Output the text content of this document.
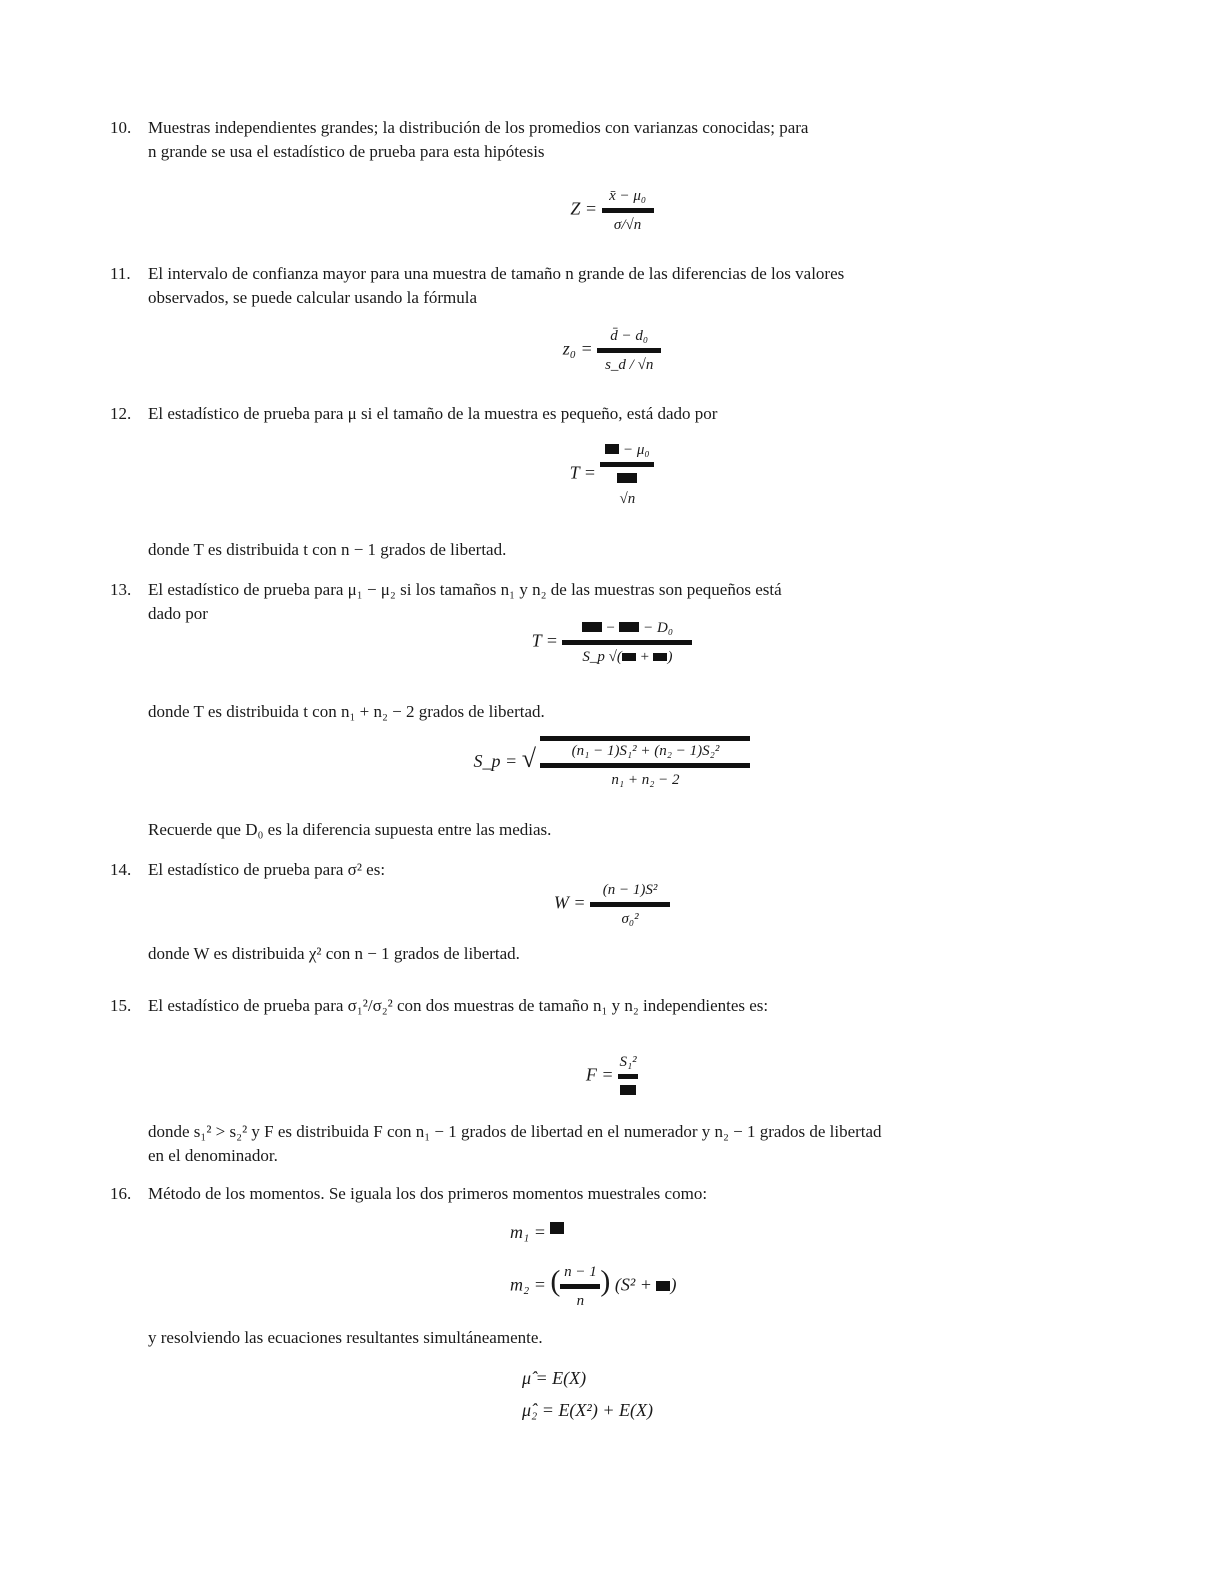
10. Muestras independientes grandes; la distribución de los promedios con varianzas conocidas; para
n grande se usa el estadístico de prueba para esta hipótesis
Z =
x̄ − μ₀
σ/√n
11.	El intervalo de confianza mayor para una muestra de tamaño n grande de las diferencias de los valores
observados, se puede calcular usando la fórmula
z₀ =
d̄ − d₀
s_d / √n
12. El estadístico de prueba para μ si el tamaño de la muestra es pequeño, está dado por
T =
− μ₀

√n
donde T es distribuida t con n − 1 grados de libertad.
13. El estadístico de prueba para μ₁ − μ₂ si los tamaños n₁ y n₂ de las muestras son pequeños está
dado por
T =
−  − D₀
S_p √( + )
donde T es distribuida t con n₁ + n₂ − 2 grados de libertad.
S_p = √	(n₁ − 1)S₁² + (n₂ − 1)S₂²
n₁ + n₂ − 2
Recuerde que D₀ es la diferencia supuesta entre las medias.
14. El estadístico de prueba para σ² es:
W =
(n − 1)S²
σ₀²
donde W es distribuida χ² con n − 1 grados de libertad.
15. El estadístico de prueba para σ₁²/σ₂² con dos muestras de tamaño n₁ y n₂ independientes es:
F =
S₁²
donde s₁² > s₂² y F es distribuida F con n₁ − 1 grados de libertad en el numerador y n₂ − 1 grados de libertad
en el denominador.
16. Método de los momentos. Se iguala los dos primeros momentos muestrales como:
m₁ =
m₂ = ( n − 1
n
) (S² + )
y resolviendo las ecuaciones resultantes simultáneamente.
μ̂ = E(X)
μ̂₂ = E(X²) + E(X)
